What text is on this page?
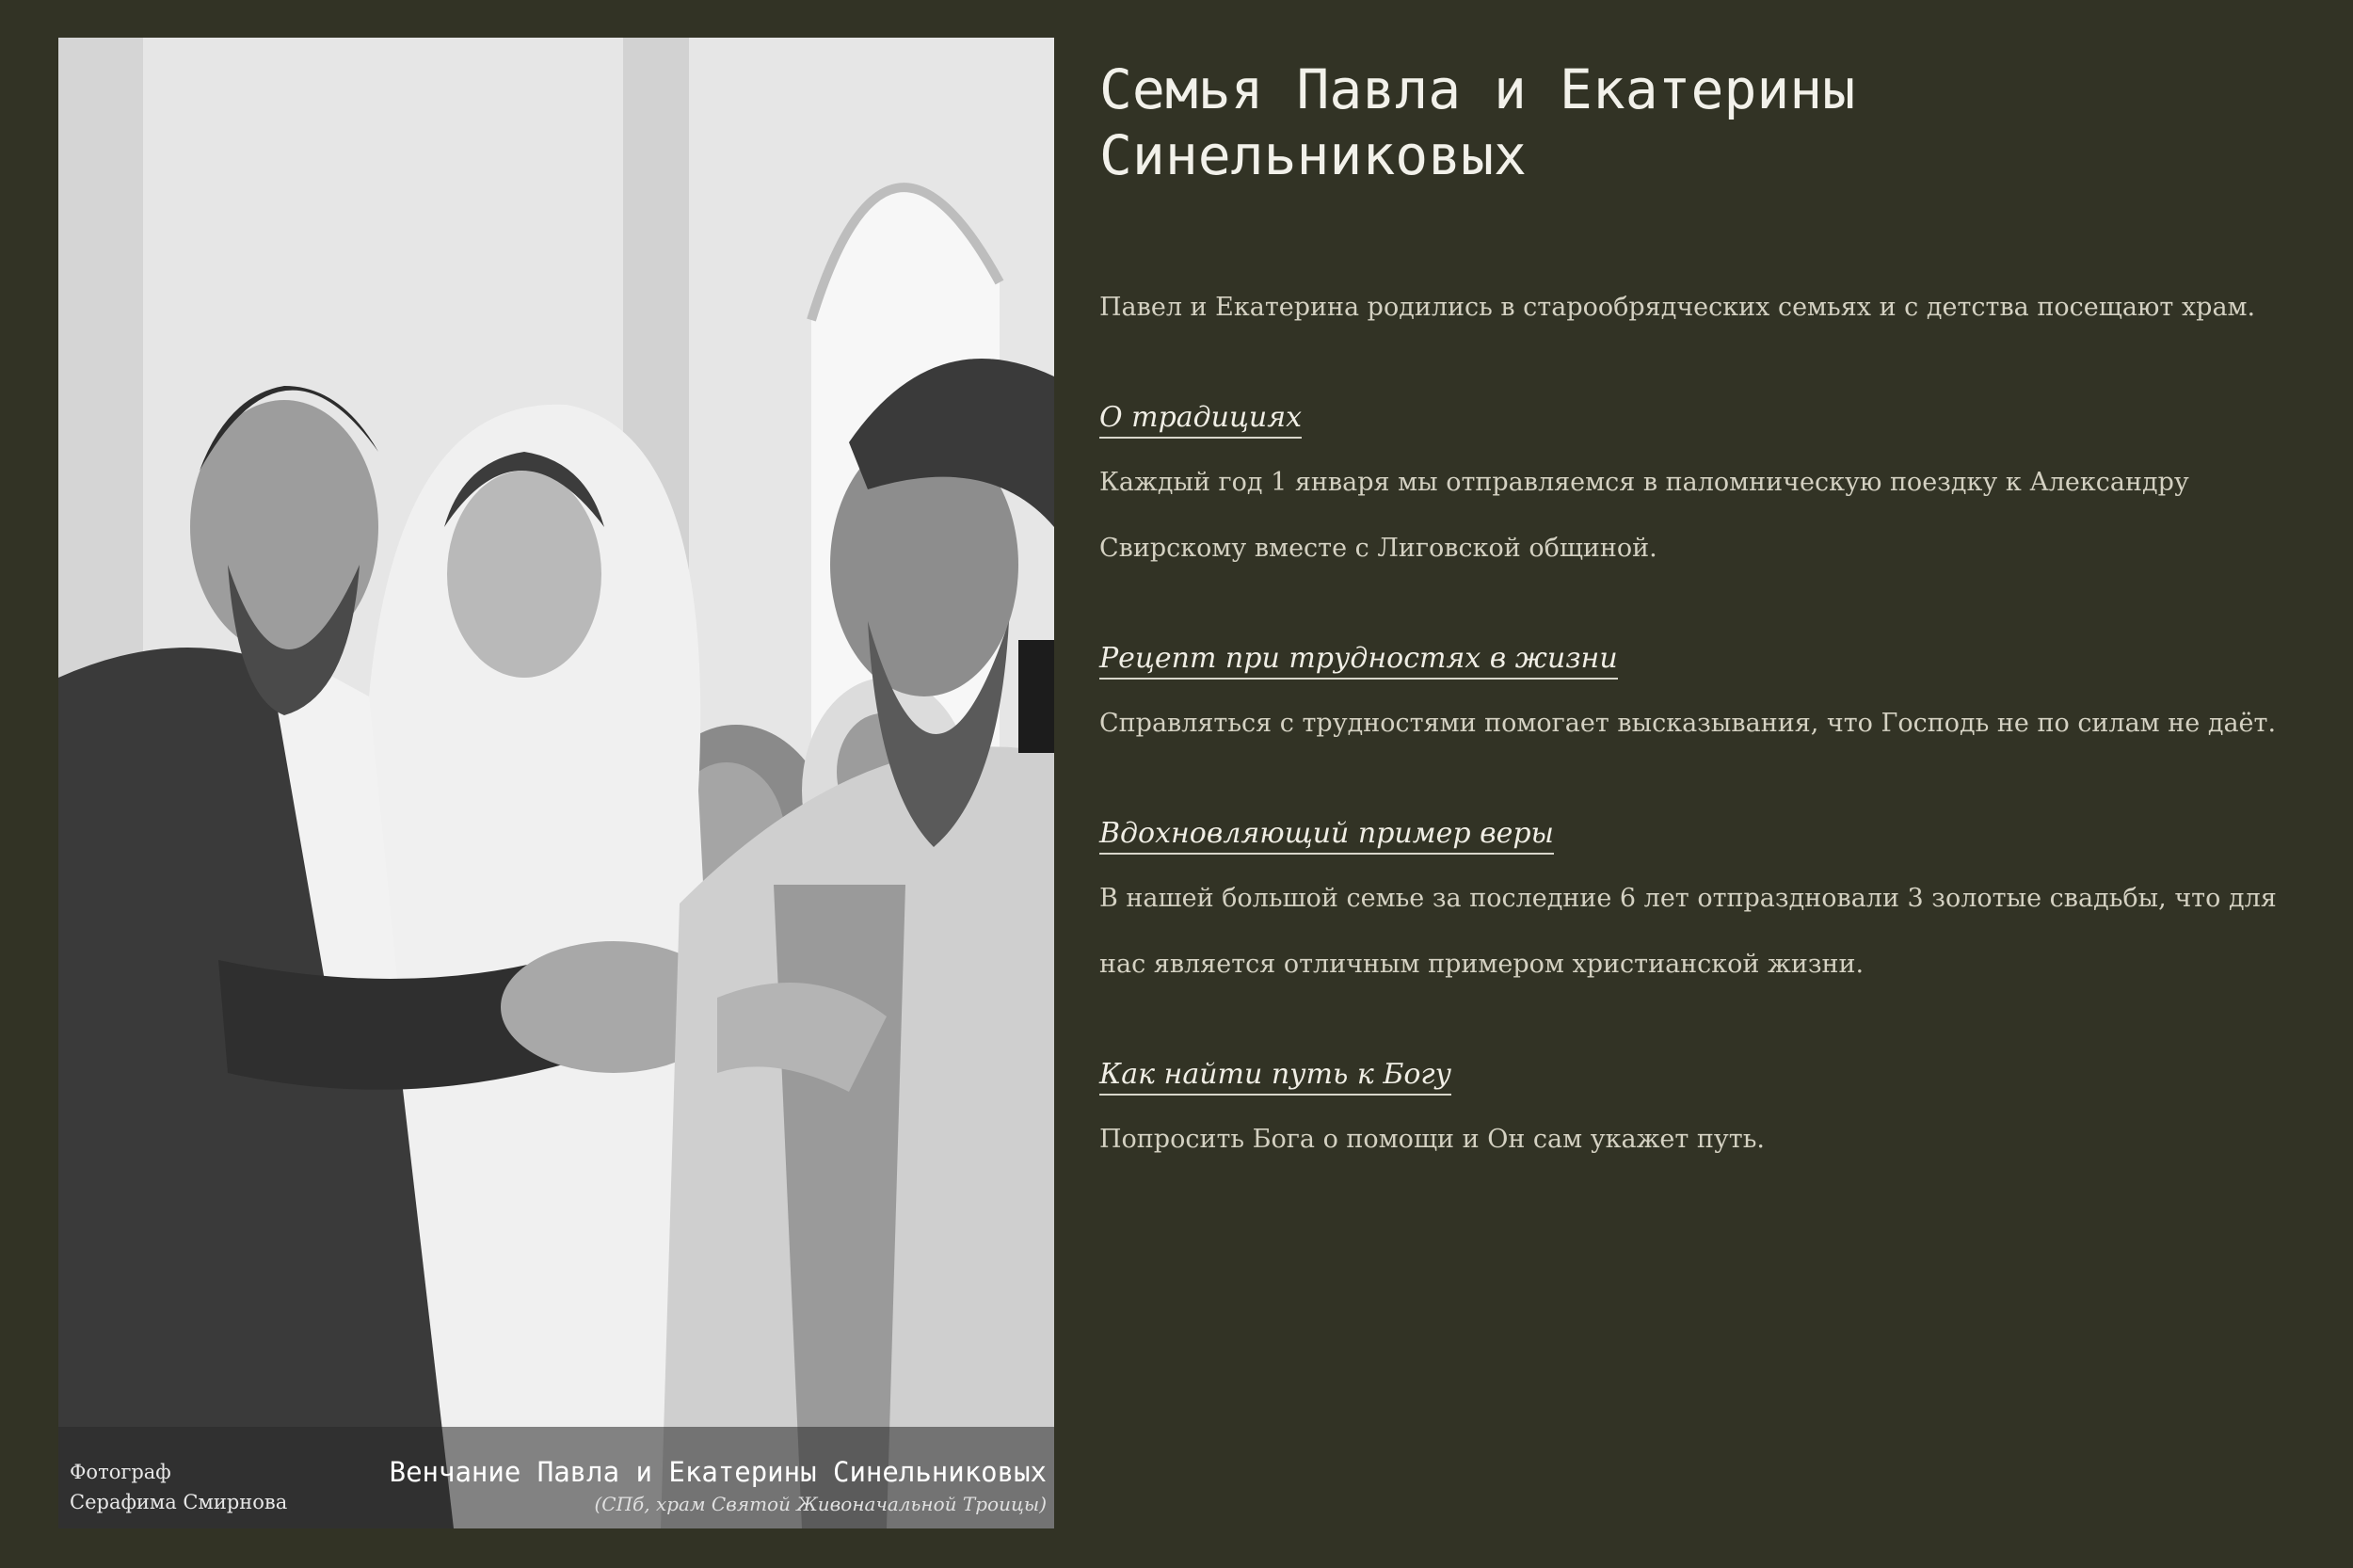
Фотограф
Серафима Смирнова
Венчание Павла и Екатерины Синельниковых
(СПб, храм Святой Живоначальной Троицы)
Семья Павла и Екатерины
Синельниковых

Павел и Екатерина родились в старообрядческих семьях и с детства посещают храм.

О традициях

Каждый год 1 января мы отправляемся в паломническую поездку к Александру Свирскому вместе с Лиговской общиной.

Рецепт при трудностях в жизни

Справляться с трудностями помогает высказывания, что Господь не по силам не даёт.

Вдохновляющий пример веры

В нашей большой семье за последние 6 лет отпраздновали 3 золотые свадьбы, что для нас является отличным примером христианской жизни.

Как найти путь к Богу

Попросить Бога о помощи и Он сам укажет путь.
